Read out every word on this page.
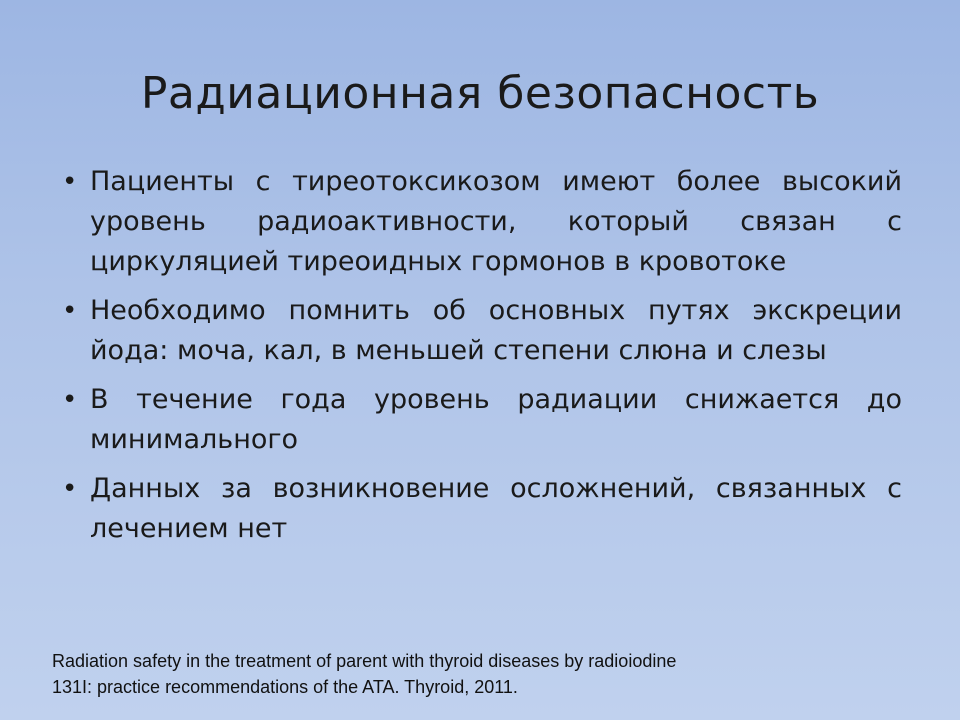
Радиационная безопасность
• Пациенты с тиреотоксикозом имеют более высокий уровень радиоактивности, который связан с циркуляцией тиреоидных гормонов в кровотоке
• Необходимо помнить об основных путях экскреции йода: моча, кал, в меньшей степени слюна и слезы
• В течение года уровень радиации снижается до минимального
• Данных за возникновение осложнений, связанных с лечением нет
Radiation safety in the treatment of parent with thyroid diseases by radioiodine
131I: practice recommendations of the ATA. Thyroid, 2011.
